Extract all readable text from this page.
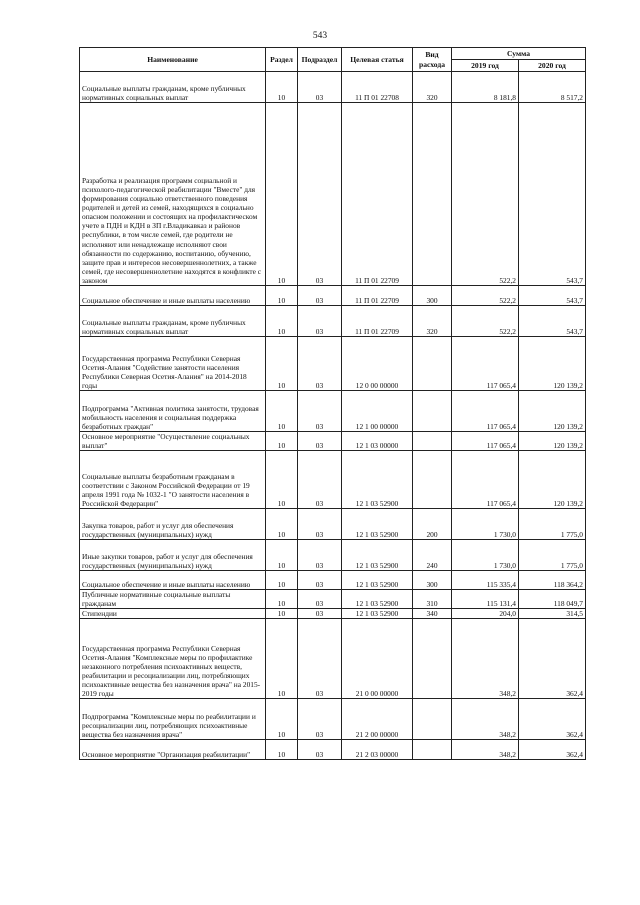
543
Наименование	Раздел	Подраздел	Целевая статья	Вид расхода	Сумма	
					2019 год	2020 год
Социальные выплаты гражданам, кроме публичных нормативных социальных выплат	10	03	11 П 01 22708	320	8 181,8	8 517,2
Разработка и реализация программ социальной и психолого-педагогической реабилитации "Вместе" для формирования социально ответственного поведения родителей и детей из семей, находящихся в социально опасном положении и состоящих на профилактическом учете в ПДН и КДН в ЗП г.Владикавказ и районов республики, в том числе семей, где родители не исполняют или ненадлежаще исполняют свои обязанности по содержанию, воспитанию, обучению, защите прав и интересов несовершеннолетних, а также семей, где несовершеннолетние находятся в конфликте с законом	10	03	11 П 01 22709		522,2	543,7
Социальное обеспечение и иные выплаты населению	10	03	11 П 01 22709	300	522,2	543,7
Социальные выплаты гражданам, кроме публичных нормативных социальных выплат	10	03	11 П 01 22709	320	522,2	543,7
Государственная программа Республики Северная Осетия-Алания "Содействие занятости населения Республики Северная Осетия-Алания" на 2014-2018 годы	10	03	12 0 00 00000		117 065,4	120 139,2
Подпрограмма "Активная политика занятости, трудовая мобильность населения и социальная поддержка безработных граждан"	10	03	12 1 00 00000		117 065,4	120 139,2
Основное мероприятие "Осуществление социальных выплат"	10	03	12 1 03 00000		117 065,4	120 139,2
Социальные выплаты безработным гражданам в соответствии с Законом Российской Федерации от 19 апреля 1991 года № 1032-1 "О занятости населения в Российской Федерации"	10	03	12 1 03 52900		117 065,4	120 139,2
Закупка товаров, работ и услуг для обеспечения государственных (муниципальных) нужд	10	03	12 1 03 52900	200	1 730,0	1 775,0
Иные закупки товаров, работ и услуг для обеспечения государственных (муниципальных) нужд	10	03	12 1 03 52900	240	1 730,0	1 775,0
Социальное обеспечение и иные выплаты населению	10	03	12 1 03 52900	300	115 335,4	118 364,2
Публичные нормативные социальные выплаты гражданам	10	03	12 1 03 52900	310	115 131,4	118 049,7
Стипендии	10	03	12 1 03 52900	340	204,0	314,5
Государственная программа Республики Северная Осетия-Алания "Комплексные меры по профилактике незаконного потребления психоактивных веществ, реабилитации и ресоциализации лиц, потребляющих психоактивные вещества без назначения врача" на 2015-2019 годы	10	03	21 0 00 00000		348,2	362,4
Подпрограмма "Комплексные меры по реабилитации и ресоциализации лиц, потребляющих психоактивные вещества без назначения врача"	10	03	21 2 00 00000		348,2	362,4
Основное мероприятие "Организация реабилитации"	10	03	21 2 03 00000		348,2	362,4
